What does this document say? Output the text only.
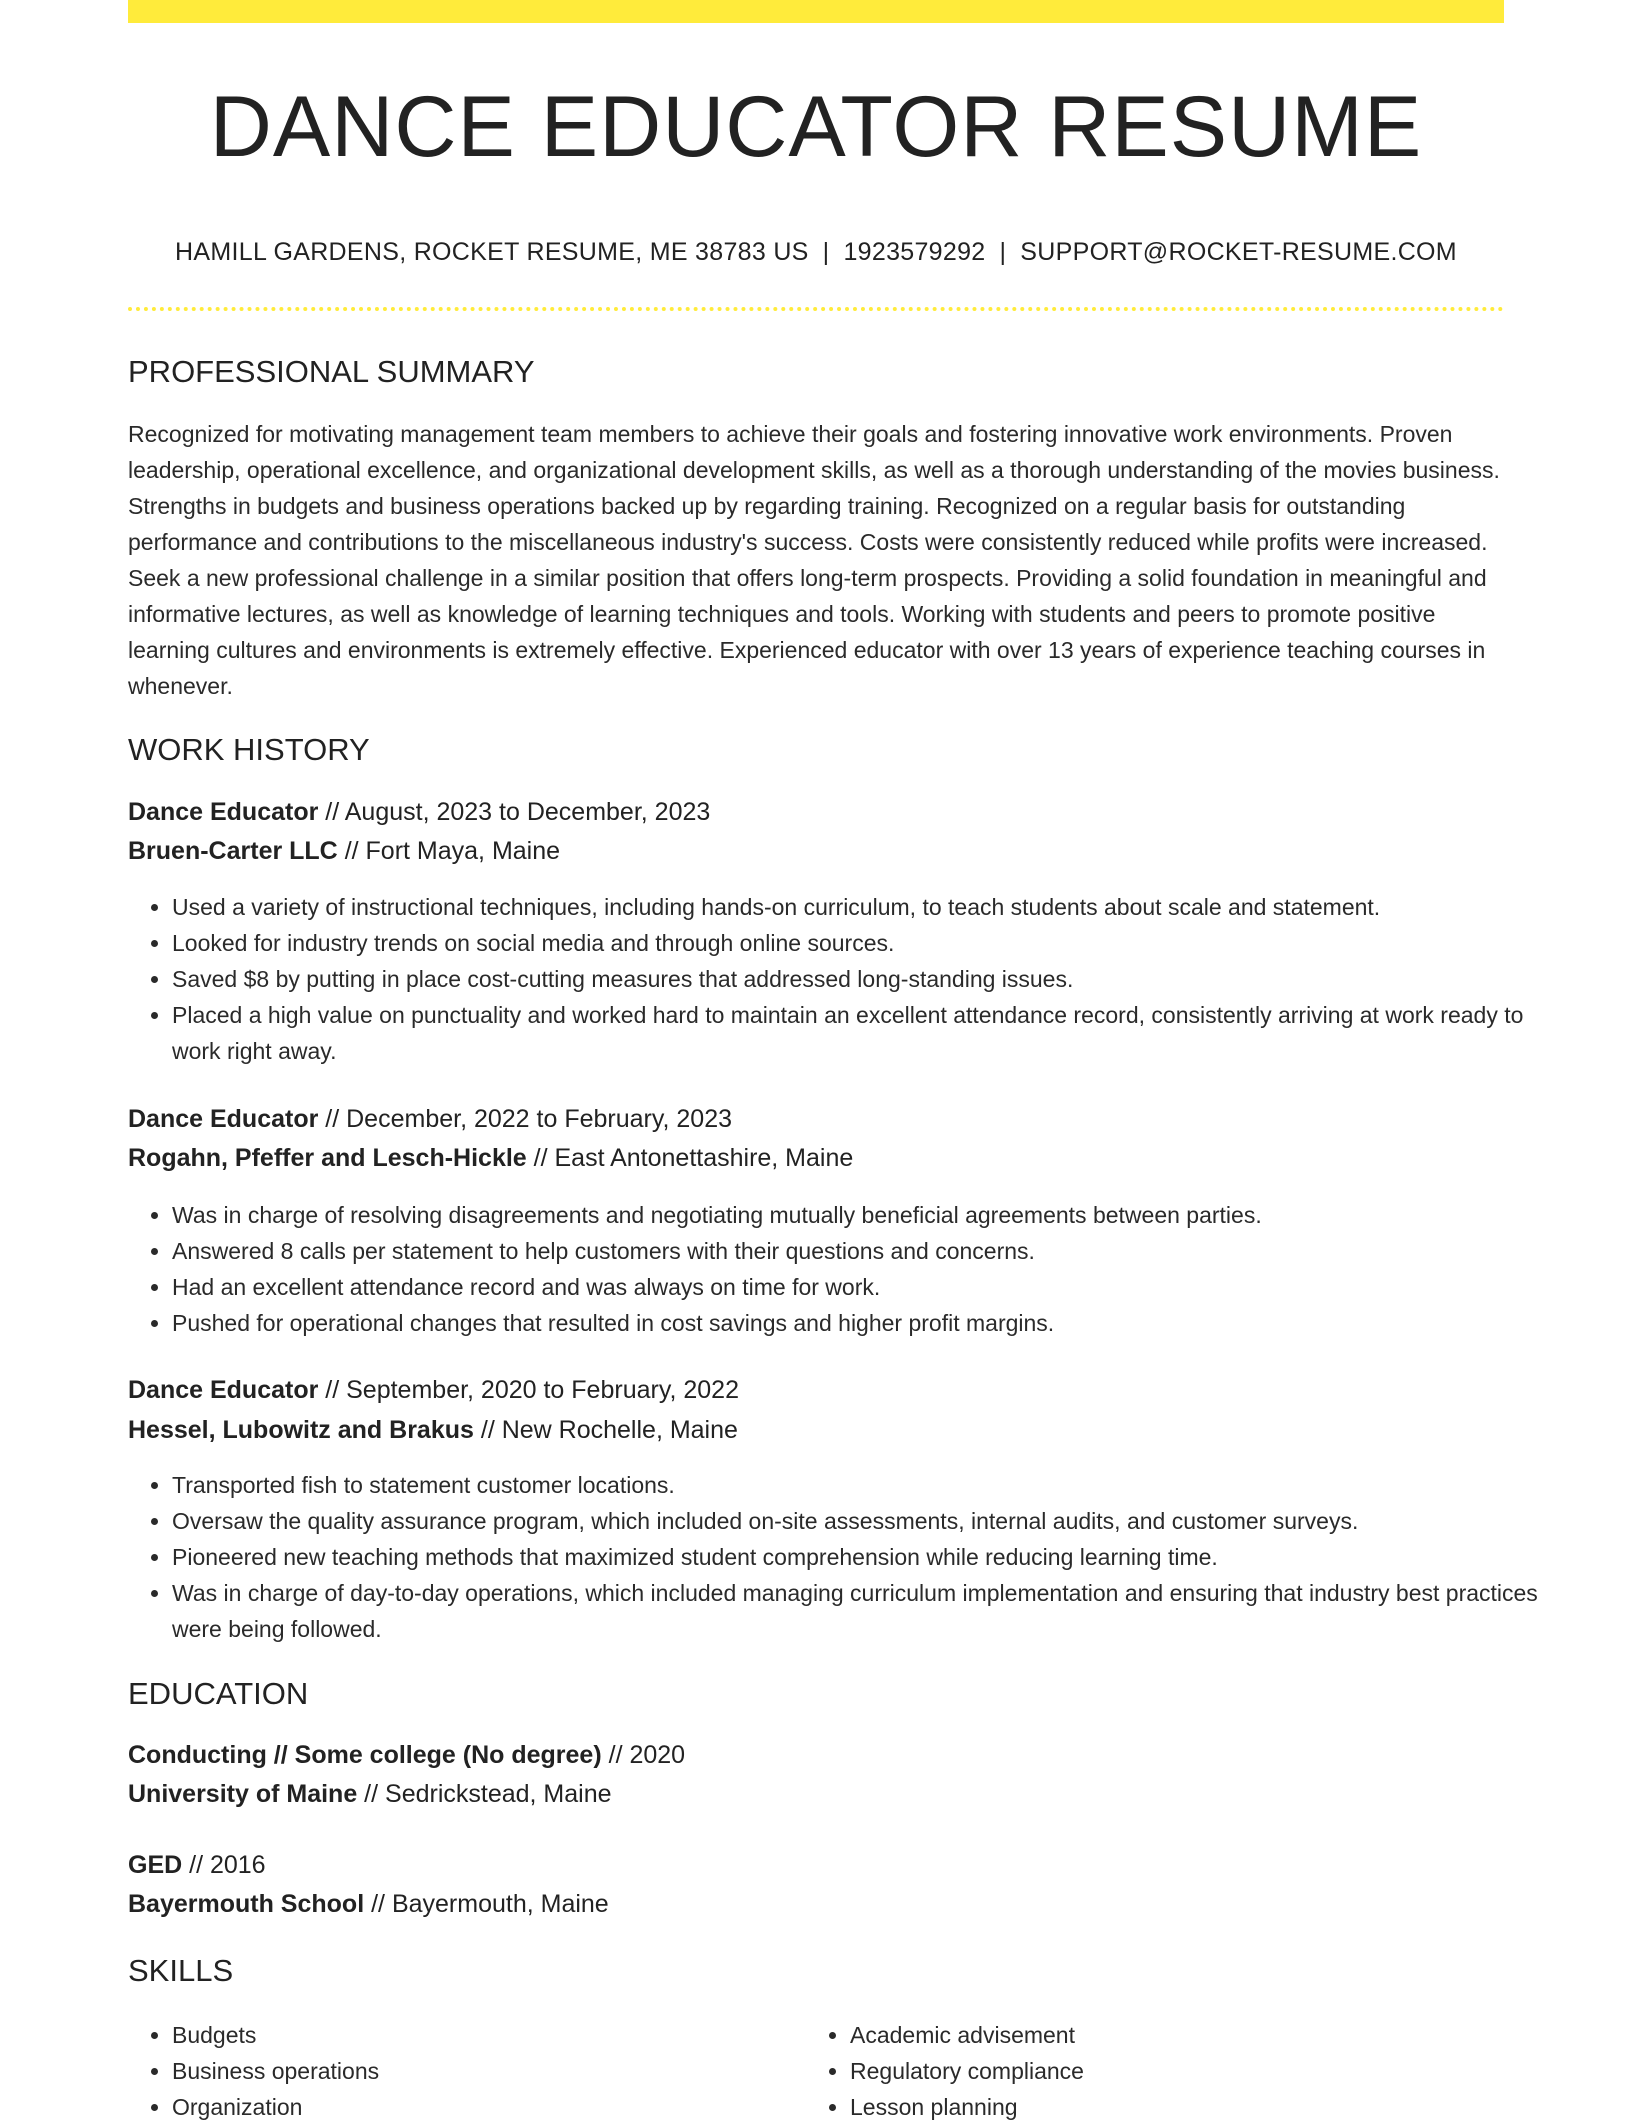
DANCE EDUCATOR RESUME
HAMILL GARDENS, ROCKET RESUME, ME 38783 US | 1923579292 | SUPPORT@ROCKET-RESUME.COM
PROFESSIONAL SUMMARY
Recognized for motivating management team members to achieve their goals and fostering innovative work environments. Proven leadership, operational excellence, and organizational development skills, as well as a thorough understanding of the movies business. Strengths in budgets and business operations backed up by regarding training. Recognized on a regular basis for outstanding performance and contributions to the miscellaneous industry's success. Costs were consistently reduced while profits were increased. Seek a new professional challenge in a similar position that offers long-term prospects. Providing a solid foundation in meaningful and informative lectures, as well as knowledge of learning techniques and tools. Working with students and peers to promote positive learning cultures and environments is extremely effective. Experienced educator with over 13 years of experience teaching courses in whenever.
WORK HISTORY
Dance Educator // August, 2023 to December, 2023
Bruen-Carter LLC // Fort Maya, Maine
• Used a variety of instructional techniques, including hands-on curriculum, to teach students about scale and statement.
• Looked for industry trends on social media and through online sources.
• Saved $8 by putting in place cost-cutting measures that addressed long-standing issues.
• Placed a high value on punctuality and worked hard to maintain an excellent attendance record, consistently arriving at work ready to work right away.
Dance Educator // December, 2022 to February, 2023
Rogahn, Pfeffer and Lesch-Hickle // East Antonettashire, Maine
• Was in charge of resolving disagreements and negotiating mutually beneficial agreements between parties.
• Answered 8 calls per statement to help customers with their questions and concerns.
• Had an excellent attendance record and was always on time for work.
• Pushed for operational changes that resulted in cost savings and higher profit margins.
Dance Educator // September, 2020 to February, 2022
Hessel, Lubowitz and Brakus // New Rochelle, Maine
• Transported fish to statement customer locations.
• Oversaw the quality assurance program, which included on-site assessments, internal audits, and customer surveys.
• Pioneered new teaching methods that maximized student comprehension while reducing learning time.
• Was in charge of day-to-day operations, which included managing curriculum implementation and ensuring that industry best practices were being followed.
EDUCATION
Conducting // Some college (No degree) // 2020
University of Maine // Sedrickstead, Maine
GED // 2016
Bayermouth School // Bayermouth, Maine
SKILLS
• Budgets
• Business operations
• Organization
• Academic advisement
• Regulatory compliance
• Lesson planning
